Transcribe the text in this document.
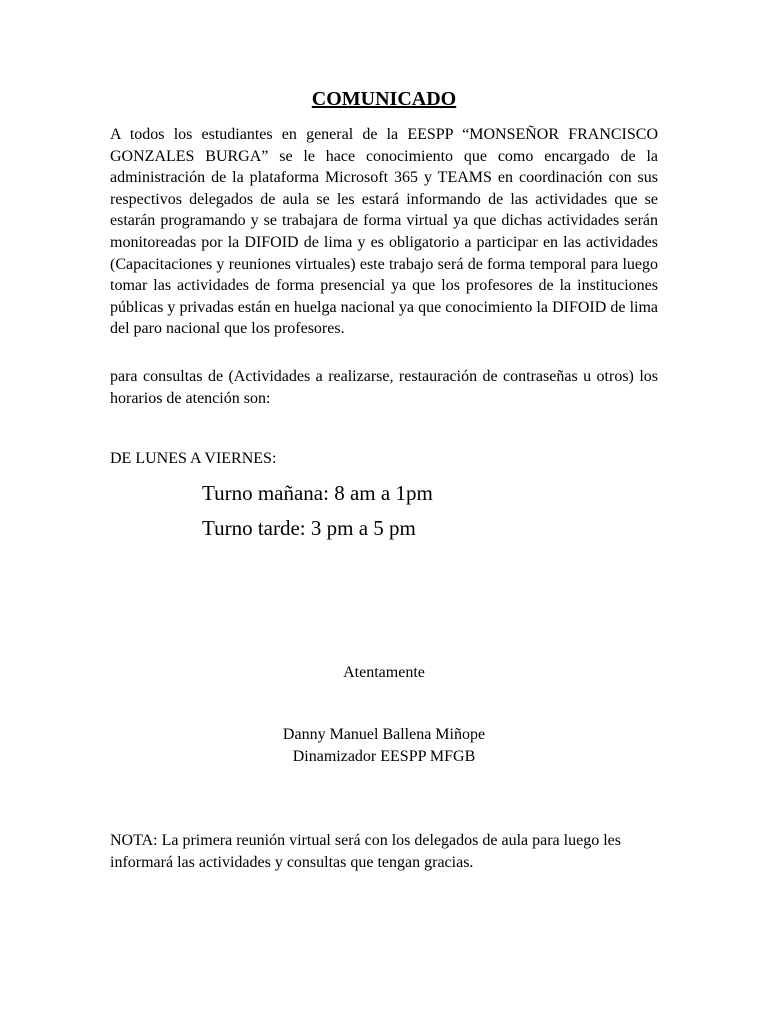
COMUNICADO

A todos los estudiantes en general de la EESPP “MONSEÑOR FRANCISCO GONZALES BURGA” se le hace conocimiento que como encargado de la administración de la plataforma Microsoft 365 y TEAMS en coordinación con sus respectivos delegados de aula se les estará informando de las actividades que se estarán programando y se trabajara de forma virtual ya que dichas actividades serán monitoreadas por la DIFOID de lima y es obligatorio a participar en las actividades (Capacitaciones y reuniones virtuales) este trabajo será de forma temporal para luego tomar las actividades de forma presencial ya que los profesores de la instituciones públicas y privadas están en huelga nacional ya que conocimiento la DIFOID de lima del paro nacional que los profesores.

para consultas de (Actividades a realizarse, restauración de contraseñas u otros) los horarios de atención son:

DE LUNES A VIERNES:

Turno mañana: 8 am a 1pm

Turno tarde: 3 pm a 5 pm

Atentamente

Danny Manuel Ballena Miñope

Dinamizador EESPP MFGB

NOTA: La primera reunión virtual será con los delegados de aula para luego les informará las actividades y consultas que tengan gracias.
